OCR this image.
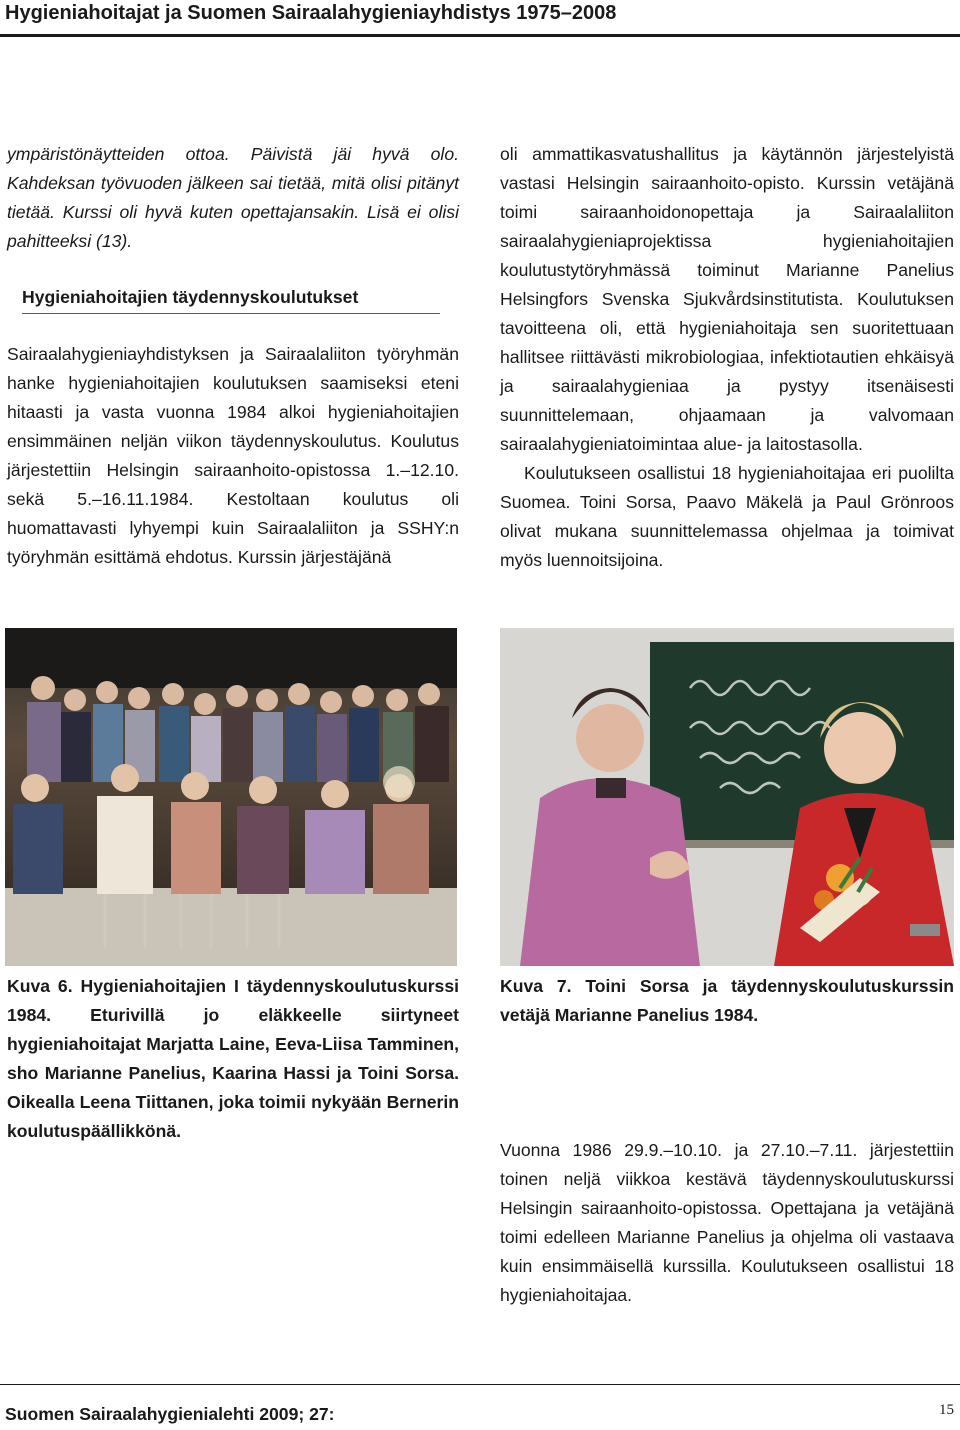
Hygieniahoitajat ja Suomen Sairaalahygieniayhdistys 1975–2008

ympäristönäytteiden ottoa. Päivistä jäi hyvä olo. Kahdeksan työvuoden jälkeen sai tietää, mitä olisi pitänyt tietää. Kurssi oli hyvä kuten opettajansakin. Lisä ei olisi pahitteeksi (13).

Hygieniahoitajien täydennyskoulutukset

Sairaalahygieniayhdistyksen ja Sairaalaliiton työryhmän hanke hygieniahoitajien koulutuksen saamiseksi eteni hitaasti ja vasta vuonna 1984 alkoi hygieniahoitajien ensimmäinen neljän viikon täydennyskoulutus. Koulutus järjestettiin Helsingin sairaanhoito-opistossa 1.–12.10. sekä 5.–16.11.1984. Kestoltaan koulutus oli huomattavasti lyhyempi kuin Sairaalaliiton ja SSHY:n työryhmän esittämä ehdotus. Kurssin järjestäjänä

oli ammattikasvatushallitus ja käytännön järjestelyistä vastasi Helsingin sairaanhoito-opisto. Kurssin vetäjänä toimi sairaanhoidonopettaja ja Sairaalaliiton sairaalahygieniaprojektissa hygieniahoitajien koulutustytöryhmässä toiminut Marianne Panelius Helsingfors Svenska Sjukvårdsinstitutista. Koulutuksen tavoitteena oli, että hygieniahoitaja sen suoritettuaan hallitsee riittävästi mikrobiologiaa, infektiotautien ehkäisyä ja sairaalahygieniaa ja pystyy itsenäisesti suunnittelemaan, ohjaamaan ja valvomaan sairaalahygieniatoimintaa alue- ja laitostasolla.

Koulutukseen osallistui 18 hygieniahoitajaa eri puolilta Suomea. Toini Sorsa, Paavo Mäkelä ja Paul Grönroos olivat mukana suunnittelemassa ohjelmaa ja toimivat myös luennoitsijoina.

Kuva 6. Hygieniahoitajien I täydennyskoulutuskurssi 1984. Eturivillä jo eläkkeelle siirtyneet hygieniahoitajat Marjatta Laine, Eeva-Liisa Tamminen, sho Marianne Panelius, Kaarina Hassi ja Toini Sorsa. Oikealla Leena Tiittanen, joka toimii nykyään Bernerin koulutuspäällikkönä.
Kuva 7. Toini Sorsa ja täydennyskoulutuskurssin vetäjä Marianne Panelius 1984.

Vuonna 1986 29.9.–10.10. ja 27.10.–7.11. järjestettiin toinen neljä viikkoa kestävä täydennyskoulutuskurssi Helsingin sairaanhoito-opistossa. Opettajana ja vetäjänä toimi edelleen Marianne Panelius ja ohjelma oli vastaava kuin ensimmäisellä kurssilla. Koulutukseen osallistui 18 hygieniahoitajaa.

Suomen Sairaalahygienialehti 2009; 27:	15
